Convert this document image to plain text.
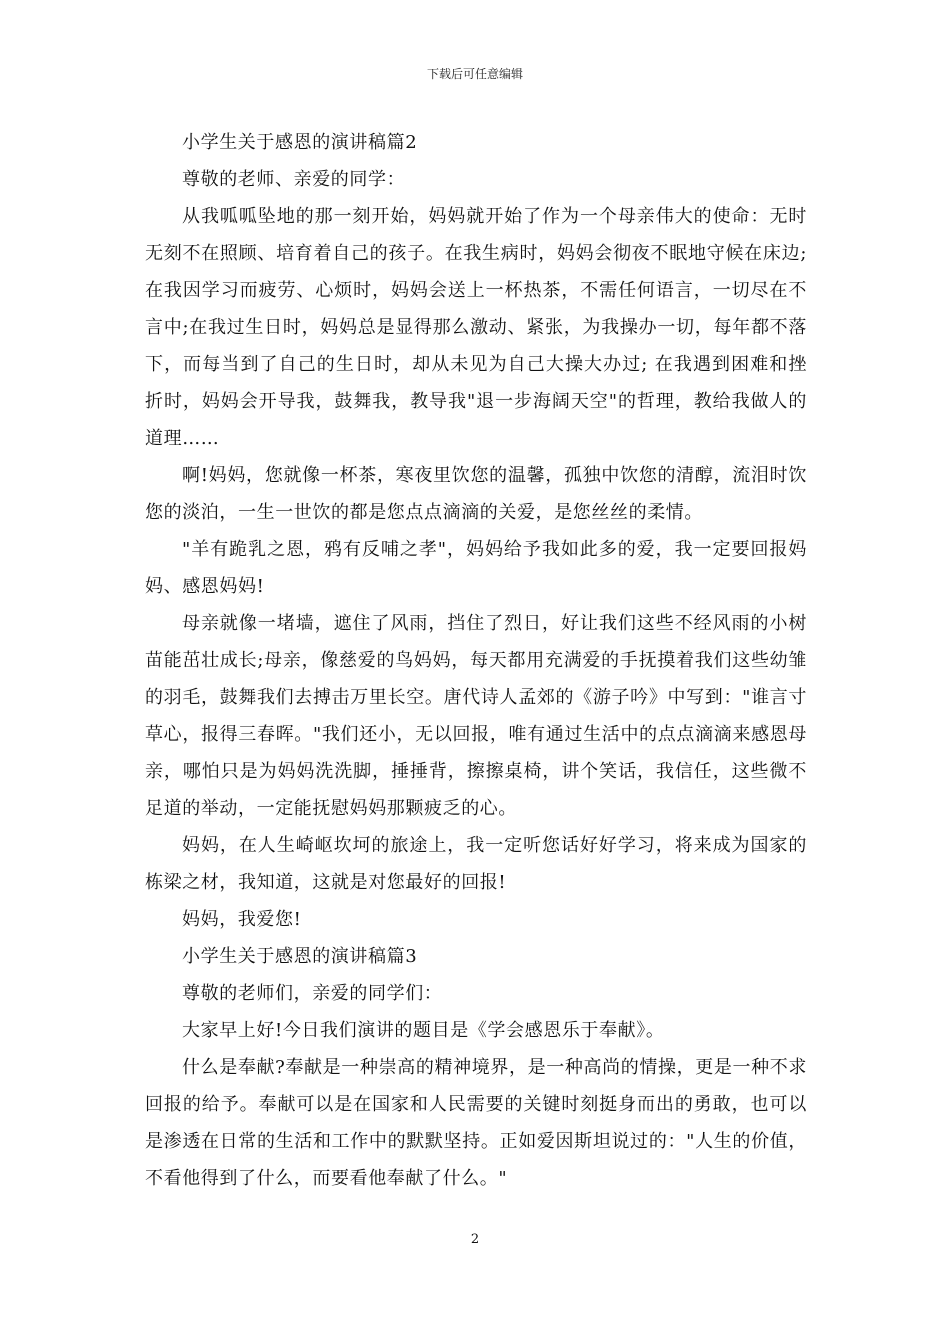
下载后可任意编辑

小学生关于感恩的演讲稿篇2

尊敬的老师、亲爱的同学：

从我呱呱坠地的那一刻开始，妈妈就开始了作为一个母亲伟大的使命：无时无刻不在照顾、培育着自己的孩子。在我生病时，妈妈会彻夜不眠地守候在床边;在我因学习而疲劳、心烦时，妈妈会送上一杯热茶，不需任何语言，一切尽在不言中;在我过生日时，妈妈总是显得那么激动、紧张，为我操办一切，每年都不落下，而每当到了自己的生日时，却从未见为自己大操大办过; 在我遇到困难和挫折时，妈妈会开导我，鼓舞我，教导我"退一步海阔天空"的哲理，教给我做人的道理……

啊!妈妈，您就像一杯茶，寒夜里饮您的温馨，孤独中饮您的清醇，流泪时饮您的淡泊，一生一世饮的都是您点点滴滴的关爱，是您丝丝的柔情。

"羊有跪乳之恩，鸦有反哺之孝"，妈妈给予我如此多的爱，我一定要回报妈妈、感恩妈妈!

母亲就像一堵墙，遮住了风雨，挡住了烈日，好让我们这些不经风雨的小树苗能茁壮成长;母亲，像慈爱的鸟妈妈，每天都用充满爱的手抚摸着我们这些幼雏的羽毛，鼓舞我们去搏击万里长空。唐代诗人孟郊的《游子吟》中写到："谁言寸草心，报得三春晖。"我们还小，无以回报，唯有通过生活中的点点滴滴来感恩母亲，哪怕只是为妈妈洗洗脚，捶捶背，擦擦桌椅，讲个笑话，我信任，这些微不足道的举动，一定能抚慰妈妈那颗疲乏的心。

妈妈，在人生崎岖坎坷的旅途上，我一定听您话好好学习，将来成为国家的栋梁之材，我知道，这就是对您最好的回报!

妈妈，我爱您!

小学生关于感恩的演讲稿篇3

尊敬的老师们，亲爱的同学们：

大家早上好!今日我们演讲的题目是《学会感恩乐于奉献》。

什么是奉献?奉献是一种崇高的精神境界，是一种高尚的情操，更是一种不求回报的给予。奉献可以是在国家和人民需要的关键时刻挺身而出的勇敢，也可以是渗透在日常的生活和工作中的默默坚持。正如爱因斯坦说过的："人生的价值，不看他得到了什么，而要看他奉献了什么。"

2
